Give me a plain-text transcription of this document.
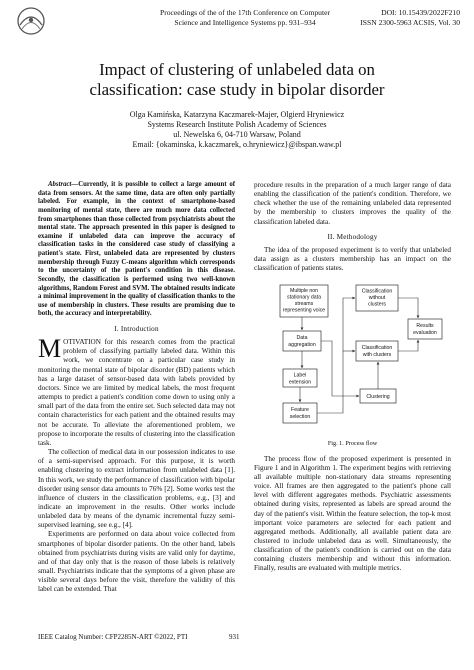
Proceedings of the of the 17th Conference on Computer
Science and Intelligence Systems pp. 931–934
DOI: 10.15439/2022F210
ISSN 2300-5963 ACSIS, Vol. 30
Impact of clustering of unlabeled data on
classification: case study in bipolar disorder
Olga Kamińska, Katarzyna Kaczmarek-Majer, Olgierd Hryniewicz
Systems Research Institute Polish Academy of Sciences
ul. Newelska 6, 04-710 Warsaw, Poland
Email: {okaminska, k.kaczmarek, o.hryniewicz}@ibspan.waw.pl

Abstract—Currently, it is possible to collect a large amount of data from sensors. At the same time, data are often only partially labeled. For example, in the context of smartphone-based monitoring of mental state, there are much more data collected from smartphones than those collected from psychiatrists about the mental state. The approach presented in this paper is designed to examine if unlabeled data can improve the accuracy of classification tasks in the considered case study of classifying a patient's state. First, unlabeled data are represented by clusters membership through Fuzzy C-means algorithm which corresponds to the uncertainty of the patient's condition in this disease. Secondly, the classification is performed using two well-known algorithms, Random Forest and SVM. The obtained results indicate a minimal improvement in the quality of classification thanks to the use of membership in clusters. These results are promising due to both, the accuracy and interpretability.

I. Introduction

MOTIVATION for this research comes from the practical problem of classifying partially labeled data. Within this work, we concentrate on a particular case study in monitoring the mental state of bipolar disorder (BD) patients which has a large dataset of sensor-based data with labels provided by doctors. Since we are limited by medical labels, the most frequent attempts to predict a patient's condition come down to using only a small part of the data from the entire set. Such selected data may not contain characteristics for each patient and the obtained results may not be accurate. To alleviate the aforementioned problem, we propose to incorporate the results of clustering into the classification task.

The collection of medical data in our possession indicates to use of a semi-supervised approach. For this purpose, it is worth enabling clustering to extract information from unlabeled data [1]. In this work, we study the performance of classification with bipolar disorder using sensor data amounts to 76% [2]. Some works test the influence of clusters in the classification problems, e.g., [3] and indicate an improvement in the results. Other works include unlabeled data by means of the dynamic incremental fuzzy semi-supervised learning, see e.g., [4].

Experiments are performed on data about voice collected from smartphones of bipolar disorder patients. On the other hand, labels obtained from psychiatrists during visits are valid only for daytime, and of that day only that is the reason of those labels is relatively small. Psychiatrists indicate that the symptoms of a given phase are visible several days before the visit, therefore the validity of this label can be extended. That

procedure results in the preparation of a much larger range of data enabling the classification of the patient's condition. Therefore, we check whether the use of the remaining unlabeled data represented by the membership to clusters improves the quality of the classification labeled data.

II. Methodology

The idea of the proposed experiment is to verify that unlabeled data assign as a clusters membership has an impact on the classification of patients states.

Multiple non
stationary data
streams
representing voice
Data
aggregation
Label
extension
Feature
selection
Classification
without
clusters
Classification
with clusters
Clustering
Results
evaluation
Fig. 1. Process flow

The process flow of the proposed experiment is presented in Figure 1 and in Algorithm 1. The experiment begins with retrieving all available multiple non-stationary data streams representing voice. All frames are then aggregated to the patient's phone call level with different aggregates methods. Psychiatric assessments obtained during visits, represented as labels are spread around the day of the patient's visit. Within the feature selection, the top-k most important voice parameters are selected for each patient and aggregated methods. Additionally, all available patient data are clustered to include unlabeled data as well. Simultaneously, the classification of the patient's condition is carried out on the data containing clusters membership and without this information. Finally, results are evaluated with multiple metrics.

IEEE Catalog Number: CFP2285N-ART ©2022, PTI	931
